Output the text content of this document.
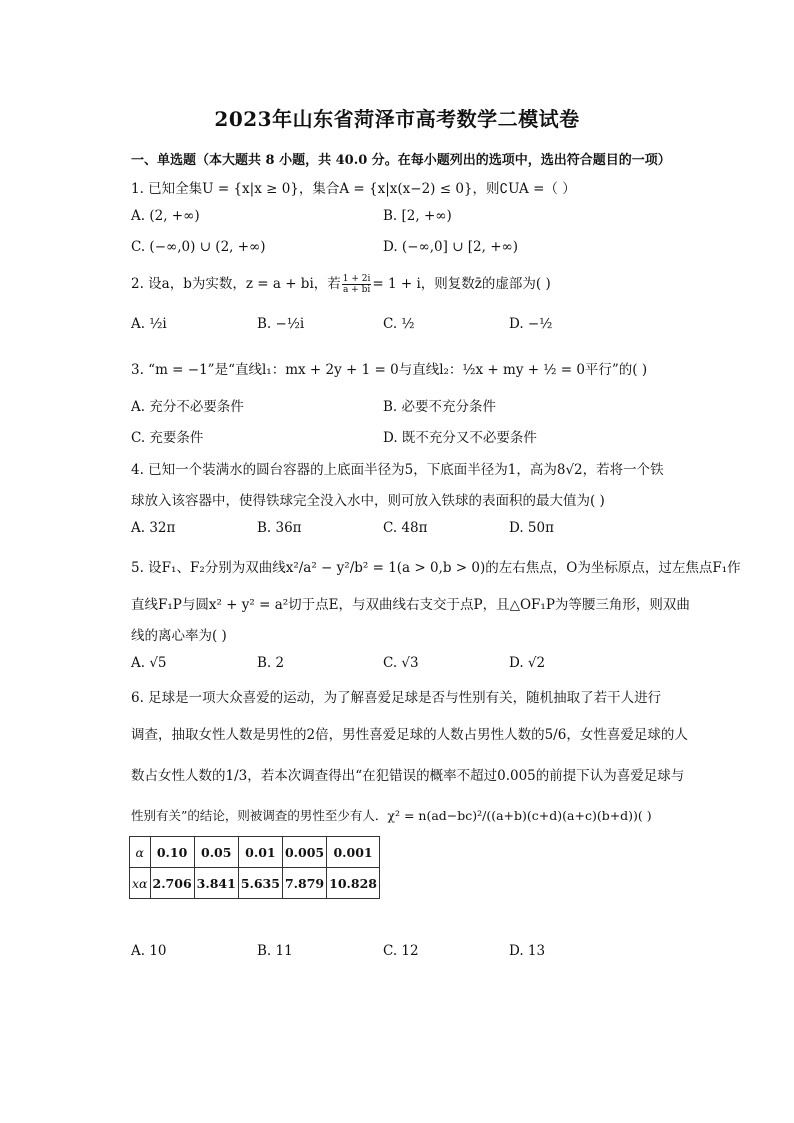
2023年山东省菏泽市高考数学二模试卷
一、单选题（本大题共 8 小题，共 40.0 分。在每小题列出的选项中，选出符合题目的一项）
1. 已知全集U = {x|x ≥ 0}，集合A = {x|x(x−2) ≤ 0}，则∁UA =（ ）
A. (2, +∞)	B. [2, +∞)
C. (−∞,0) ∪ (2, +∞)	D. (−∞,0] ∪ [2, +∞)
2. 设a，b为实数，z = a + bi，若 $\frac{1 + 2i}{a + bi} = 1 + i$，则复数z̄的虚部为( )
A. ½i	B. −½i	C. ½	D. −½
3. “m = −1”是“直线l₁：mx + 2y + 1 = 0与直线l₂：½x + my + ½ = 0平行”的( )
A. 充分不必要条件	B. 必要不充分条件
C. 充要条件	D. 既不充分又不必要条件
4. 已知一个装满水的圆台容器的上底面半径为5，下底面半径为1，高为8√2，若将一个铁
球放入该容器中，使得铁球完全没入水中，则可放入铁球的表面积的最大值为( )
A. 32π	B. 36π	C. 48π	D. 50π
5. 设F₁、F₂分别为双曲线x²/a² − y²/b² = 1(a > 0,b > 0)的左右焦点，O为坐标原点，过左焦点F₁作
直线F₁P与圆x² + y² = a²切于点E，与双曲线右支交于点P，且△OF₁P为等腰三角形，则双曲
线的离心率为( )
A. √5	B. 2	C. √3	D. √2
6. 足球是一项大众喜爱的运动，为了解喜爱足球是否与性别有关，随机抽取了若干人进行
调查，抽取女性人数是男性的2倍，男性喜爱足球的人数占男性人数的5/6，女性喜爱足球的人
数占女性人数的1/3，若本次调查得出“在犯错误的概率不超过0.005的前提下认为喜爱足球与
性别有关”的结论，则被调查的男性至少有人．χ² = n(ad−bc)²/((a+b)(c+d)(a+c)(b+d))( )
α	0.10	0.05	0.01	0.005	0.001
xα	2.706	3.841	5.635	7.879	10.828
A. 10	B. 11	C. 12	D. 13
